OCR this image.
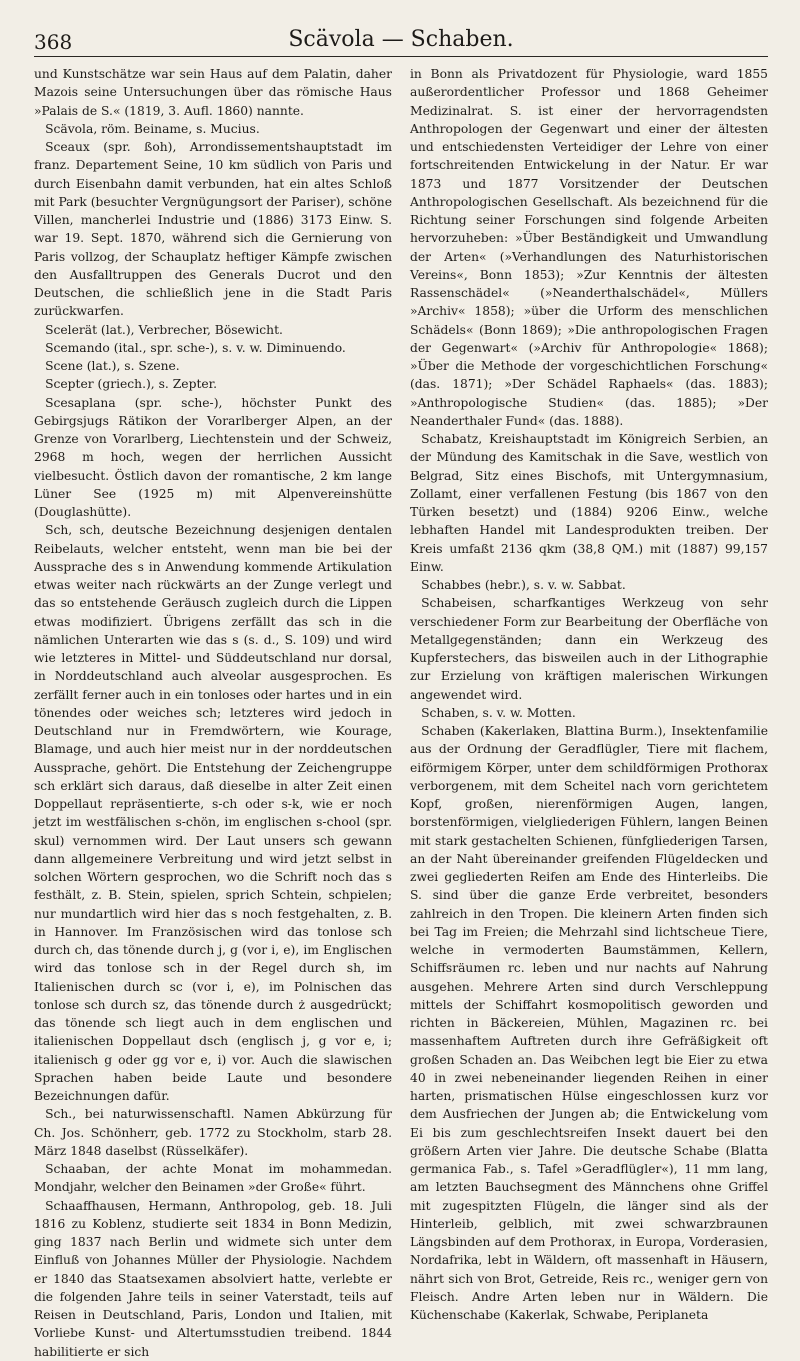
368	Scävola — Schaben.

und Kunstschätze war sein Haus auf dem Palatin, daher Mazois seine Untersuchungen über das römische Haus »Palais de S.« (1819, 3. Aufl. 1860) nannte.

Scävola, röm. Beiname, s. Mucius.

Sceaux (spr. ßoh), Arrondissementshauptstadt im franz. Departement Seine, 10 km südlich von Paris und durch Eisenbahn damit verbunden, hat ein altes Schloß mit Park (besuchter Vergnügungsort der Pariser), schöne Villen, mancherlei Industrie und (1886) 3173 Einw. S. war 19. Sept. 1870, während sich die Gernierung von Paris vollzog, der Schauplatz heftiger Kämpfe zwischen den Ausfalltruppen des Generals Ducrot und den Deutschen, die schließlich jene in die Stadt Paris zurückwarfen.

Scelerät (lat.), Verbrecher, Bösewicht.

Scemando (ital., spr. sche-), s. v. w. Diminuendo.

Scene (lat.), s. Szene.

Scepter (griech.), s. Zepter.

Scesaplana (spr. sche-), höchster Punkt des Gebirgsjugs Rätikon der Vorarlberger Alpen, an der Grenze von Vorarlberg, Liechtenstein und der Schweiz, 2968 m hoch, wegen der herrlichen Aussicht vielbesucht. Östlich davon der romantische, 2 km lange Lüner See (1925 m) mit Alpenvereinshütte (Douglashütte).

Sch, sch, deutsche Bezeichnung desjenigen dentalen Reibelauts, welcher entsteht, wenn man bie bei der Aussprache des s in Anwendung kommende Artikulation etwas weiter nach rückwärts an der Zunge verlegt und das so entstehende Geräusch zugleich durch die Lippen etwas modifiziert. Übrigens zerfällt das sch in die nämlichen Unterarten wie das s (s. d., S. 109) und wird wie letzteres in Mittel- und Süddeutschland nur dorsal, in Norddeutschland auch alveolar ausgesprochen. Es zerfällt ferner auch in ein tonloses oder hartes und in ein tönendes oder weiches sch; letzteres wird jedoch in Deutschland nur in Fremdwörtern, wie Kourage, Blamage, und auch hier meist nur in der norddeutschen Aussprache, gehört. Die Entstehung der Zeichengruppe sch erklärt sich daraus, daß dieselbe in alter Zeit einen Doppellaut repräsentierte, s-ch oder s-k, wie er noch jetzt im westfälischen s-chön, im englischen s-chool (spr. skul) vernommen wird. Der Laut unsers sch gewann dann allgemeinere Verbreitung und wird jetzt selbst in solchen Wörtern gesprochen, wo die Schrift noch das s festhält, z. B. Stein, spielen, sprich Schtein, schpielen; nur mundartlich wird hier das s noch festgehalten, z. B. in Hannover. Im Französischen wird das tonlose sch durch ch, das tönende durch j, g (vor i, e), im Englischen wird das tonlose sch in der Regel durch sh, im Italienischen durch sc (vor i, e), im Polnischen das tonlose sch durch sz, das tönende durch ż ausgedrückt; das tönende sch liegt auch in dem englischen und italienischen Doppellaut dsch (englisch j, g vor e, i; italienisch g oder gg vor e, i) vor. Auch die slawischen Sprachen haben beide Laute und besondere Bezeichnungen dafür.

Sch., bei naturwissenschaftl. Namen Abkürzung für Ch. Jos. Schönherr, geb. 1772 zu Stockholm, starb 28. März 1848 daselbst (Rüsselkäfer).

Schaaban, der achte Monat im mohammedan. Mondjahr, welcher den Beinamen »der Große« führt.

Schaaffhausen, Hermann, Anthropolog, geb. 18. Juli 1816 zu Koblenz, studierte seit 1834 in Bonn Medizin, ging 1837 nach Berlin und widmete sich unter dem Einfluß von Johannes Müller der Physiologie. Nachdem er 1840 das Staatsexamen absolviert hatte, verlebte er die folgenden Jahre teils in seiner Vaterstadt, teils auf Reisen in Deutschland, Paris, London und Italien, mit Vorliebe Kunst- und Altertumsstudien treibend. 1844 habilitierte er sich

in Bonn als Privatdozent für Physiologie, ward 1855 außerordentlicher Professor und 1868 Geheimer Medizinalrat. S. ist einer der hervorragendsten Anthropologen der Gegenwart und einer der ältesten und entschiedensten Verteidiger der Lehre von einer fortschreitenden Entwickelung in der Natur. Er war 1873 und 1877 Vorsitzender der Deutschen Anthropologischen Gesellschaft. Als bezeichnend für die Richtung seiner Forschungen sind folgende Arbeiten hervorzuheben: »Über Beständigkeit und Umwandlung der Arten« (»Verhandlungen des Naturhistorischen Vereins«, Bonn 1853); »Zur Kenntnis der ältesten Rassenschädel« (»Neanderthalschädel«, Müllers »Archiv« 1858); »über die Urform des menschlichen Schädels« (Bonn 1869); »Die anthropologischen Fragen der Gegenwart« (»Archiv für Anthropologie« 1868); »Über die Methode der vorgeschichtlichen Forschung« (das. 1871); »Der Schädel Raphaels« (das. 1883); »Anthropologische Studien« (das. 1885); »Der Neanderthaler Fund« (das. 1888).

Schabatz, Kreishauptstadt im Königreich Serbien, an der Mündung des Kamitschak in die Save, westlich von Belgrad, Sitz eines Bischofs, mit Untergymnasium, Zollamt, einer verfallenen Festung (bis 1867 von den Türken besetzt) und (1884) 9206 Einw., welche lebhaften Handel mit Landesprodukten treiben. Der Kreis umfaßt 2136 qkm (38,8 QM.) mit (1887) 99,157 Einw.

Schabbes (hebr.), s. v. w. Sabbat.

Schabeisen, scharfkantiges Werkzeug von sehr verschiedener Form zur Bearbeitung der Oberfläche von Metallgegenständen; dann ein Werkzeug des Kupferstechers, das bisweilen auch in der Lithographie zur Erzielung von kräftigen malerischen Wirkungen angewendet wird.

Schaben, s. v. w. Motten.

Schaben (Kakerlaken, Blattina Burm.), Insektenfamilie aus der Ordnung der Geradflügler, Tiere mit flachem, eiförmigem Körper, unter dem schildförmigen Prothorax verborgenem, mit dem Scheitel nach vorn gerichtetem Kopf, großen, nierenförmigen Augen, langen, borstenförmigen, vielgliederigen Fühlern, langen Beinen mit stark gestachelten Schienen, fünfgliederigen Tarsen, an der Naht übereinander greifenden Flügeldecken und zwei gegliederten Reifen am Ende des Hinterleibs. Die S. sind über die ganze Erde verbreitet, besonders zahlreich in den Tropen. Die kleinern Arten finden sich bei Tag im Freien; die Mehrzahl sind lichtscheue Tiere, welche in vermoderten Baumstämmen, Kellern, Schiffsräumen rc. leben und nur nachts auf Nahrung ausgehen. Mehrere Arten sind durch Verschleppung mittels der Schiffahrt kosmopolitisch geworden und richten in Bäckereien, Mühlen, Magazinen rc. bei massenhaftem Auftreten durch ihre Gefräßigkeit oft großen Schaden an. Das Weibchen legt bie Eier zu etwa 40 in zwei nebeneinander liegenden Reihen in einer harten, prismatischen Hülse eingeschlossen kurz vor dem Ausfriechen der Jungen ab; die Entwickelung vom Ei bis zum geschlechtsreifen Insekt dauert bei den größern Arten vier Jahre. Die deutsche Schabe (Blatta germanica Fab., s. Tafel »Geradflügler«), 11 mm lang, am letzten Bauchsegment des Männchens ohne Griffel mit zugespitzten Flügeln, die länger sind als der Hinterleib, gelblich, mit zwei schwarzbraunen Längsbinden auf dem Prothorax, in Europa, Vorderasien, Nordafrika, lebt in Wäldern, oft massenhaft in Häusern, nährt sich von Brot, Getreide, Reis rc., weniger gern von Fleisch. Andre Arten leben nur in Wäldern. Die Küchenschabe (Kakerlak, Schwabe, Periplaneta
